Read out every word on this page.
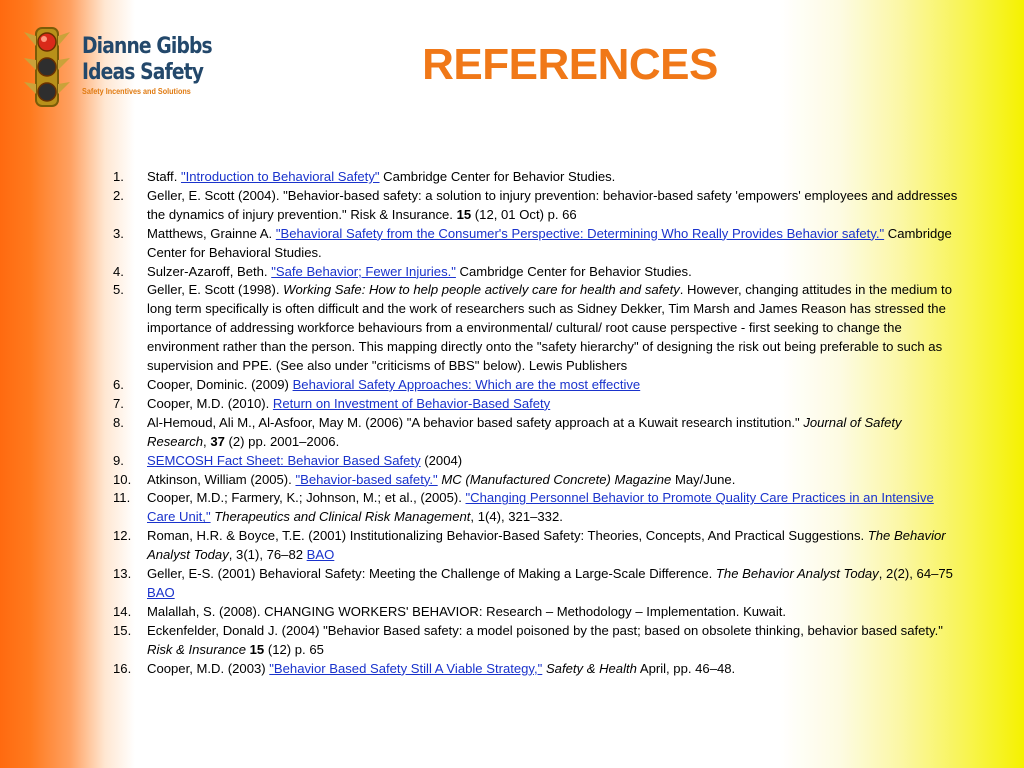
Dianne Gibbs
Ideas Safety
Safety Incentives and Solutions
REFERENCES
1.	Staff. "Introduction to Behavioral Safety" Cambridge Center for Behavior Studies.
2.	Geller, E. Scott (2004). "Behavior-based safety: a solution to injury prevention: behavior-based safety 'empowers' employees and addresses the dynamics of injury prevention." Risk & Insurance. 15 (12, 01 Oct) p. 66
3.	Matthews, Grainne A. "Behavioral Safety from the Consumer's Perspective: Determining Who Really Provides Behavior safety." Cambridge Center for Behavioral Studies.
4.	Sulzer-Azaroff, Beth. "Safe Behavior; Fewer Injuries." Cambridge Center for Behavior Studies.
5.	Geller, E. Scott (1998). Working Safe: How to help people actively care for health and safety. However, changing attitudes in the medium to long term specifically is often difficult and the work of researchers such as Sidney Dekker, Tim Marsh and James Reason has stressed the importance of addressing workforce behaviours from a environmental/ cultural/ root cause perspective - first seeking to change the environment rather than the person. This mapping directly onto the "safety hierarchy" of designing the risk out being preferable to such as supervision and PPE. (See also under "criticisms of BBS" below). Lewis Publishers
6.	Cooper, Dominic. (2009) Behavioral Safety Approaches: Which are the most effective
7.	Cooper, M.D. (2010). Return on Investment of Behavior-Based Safety
8.	Al-Hemoud, Ali M., Al-Asfoor, May M. (2006) "A behavior based safety approach at a Kuwait research institution." Journal of Safety Research, 37 (2) pp. 2001–2006.
9.	SEMCOSH Fact Sheet: Behavior Based Safety (2004)
10.	Atkinson, William (2005). "Behavior-based safety." MC (Manufactured Concrete) Magazine May/June.
11.	Cooper, M.D.; Farmery, K.; Johnson, M.; et al., (2005). "Changing Personnel Behavior to Promote Quality Care Practices in an Intensive Care Unit," Therapeutics and Clinical Risk Management, 1(4), 321–332.
12.	Roman, H.R. & Boyce, T.E. (2001) Institutionalizing Behavior-Based Safety: Theories, Concepts, And Practical Suggestions. The Behavior Analyst Today, 3(1), 76–82 BAO
13.	Geller, E-S. (2001) Behavioral Safety: Meeting the Challenge of Making a Large-Scale Difference. The Behavior Analyst Today, 2(2), 64–75 BAO
14.	Malallah, S. (2008). CHANGING WORKERS' BEHAVIOR: Research – Methodology – Implementation. Kuwait.
15.	Eckenfelder, Donald J. (2004) "Behavior Based safety: a model poisoned by the past; based on obsolete thinking, behavior based safety." Risk & Insurance 15 (12) p. 65
16.	Cooper, M.D. (2003) "Behavior Based Safety Still A Viable Strategy," Safety & Health April, pp. 46–48.
